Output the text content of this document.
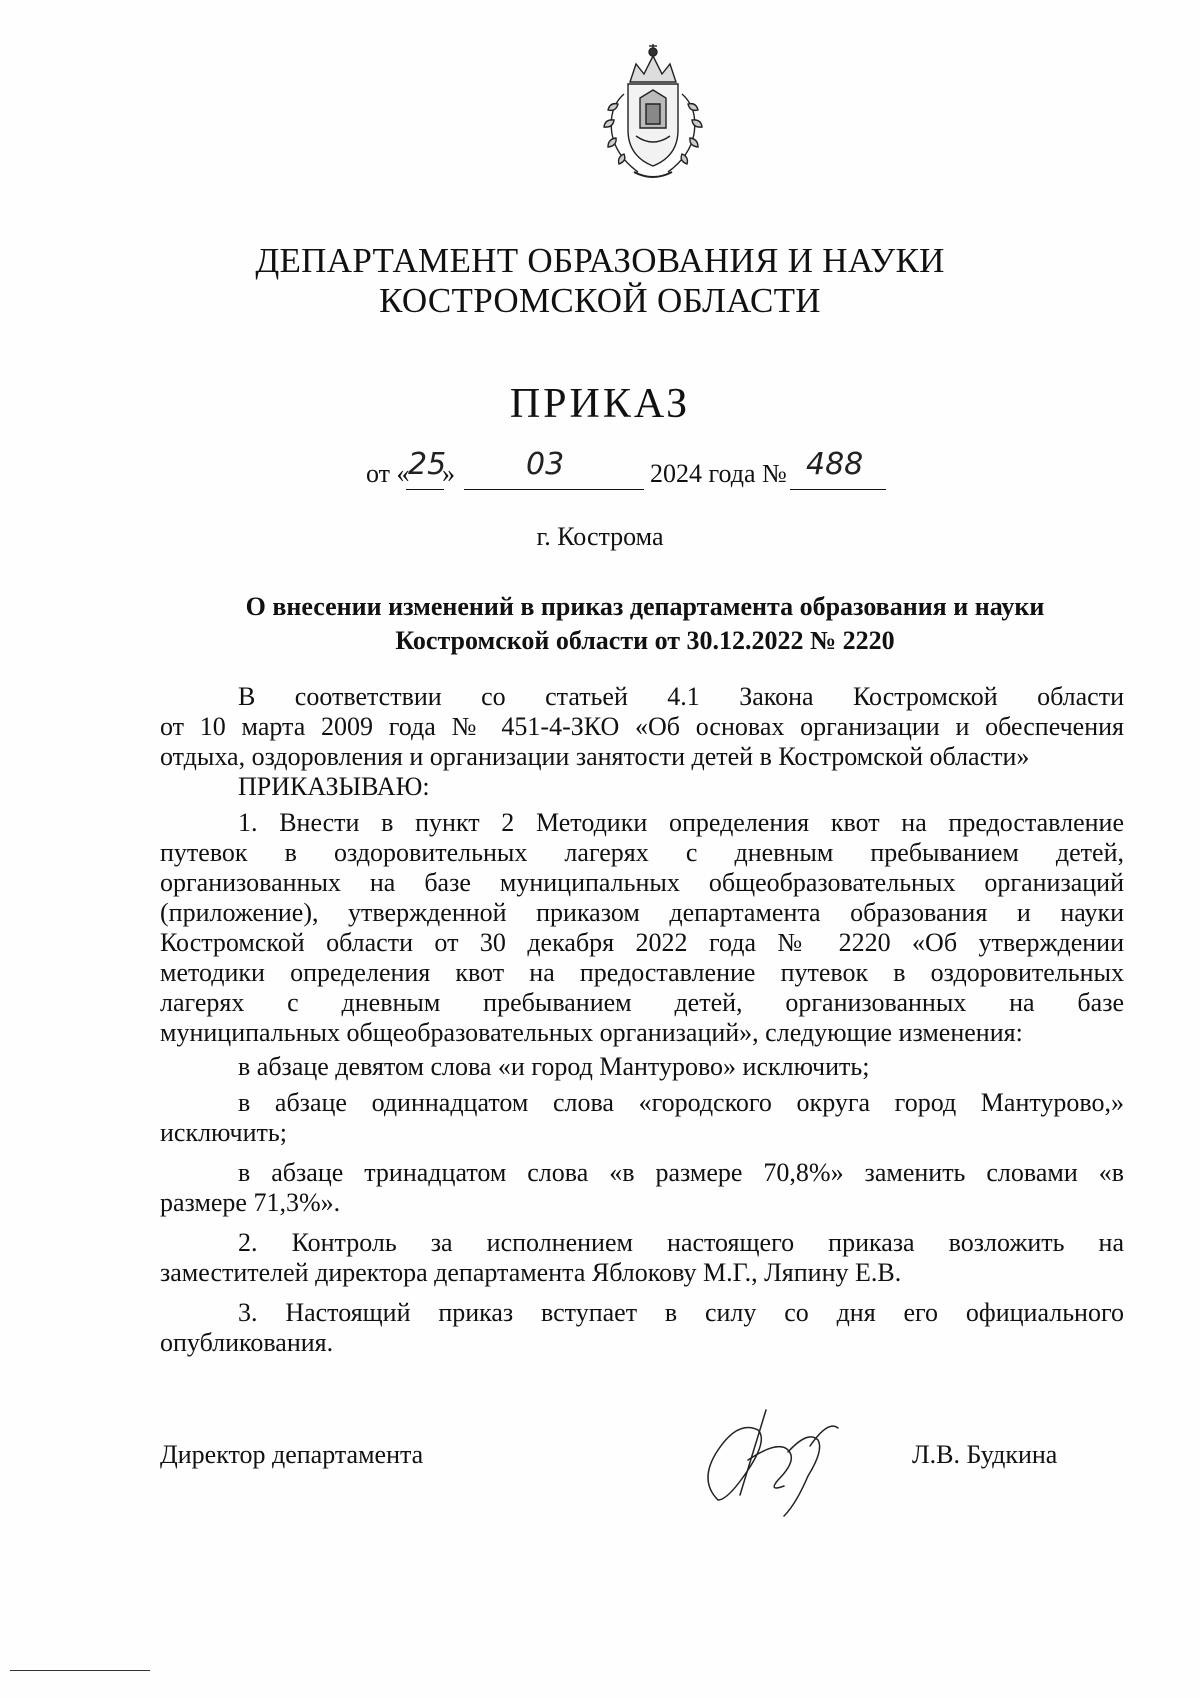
ДЕПАРТАМЕНТ ОБРАЗОВАНИЯ И НАУКИ
КОСТРОМСКОЙ ОБЛАСТИ
ПРИКАЗ
от «
25
» 03	2024 года № 488
г. Кострома
О внесении изменений в приказ департамента образования и науки
Костромской области от 30.12.2022 № 2220
В соответствии со статьей 4.1 Закона Костромской области
от 10 марта 2009 года № 451-4-ЗКО «Об основах организации и обеспечения
отдыха, оздоровления и организации занятости детей в Костромской области»
ПРИКАЗЫВАЮ:
1. Внести в пункт 2 Методики определения квот на предоставление
путевок в оздоровительных лагерях с дневным пребыванием детей,
организованных на базе муниципальных общеобразовательных организаций
(приложение), утвержденной приказом департамента образования и науки
Костромской области от 30 декабря 2022 года № 2220 «Об утверждении
методики определения квот на предоставление путевок в оздоровительных
лагерях с дневным пребыванием детей, организованных на базе
муниципальных общеобразовательных организаций», следующие изменения:
в абзаце девятом слова «и город Мантурово» исключить;
в абзаце одиннадцатом слова «городского округа город Мантурово,»
исключить;
в абзаце тринадцатом слова «в размере 70,8%» заменить словами «в
размере 71,3%».
2. Контроль за исполнением настоящего приказа возложить на
заместителей директора департамента Яблокову М.Г., Ляпину Е.В.
3. Настоящий приказ вступает в силу со дня его официального
опубликования.
Директор департамента	Л.В. Будкина
